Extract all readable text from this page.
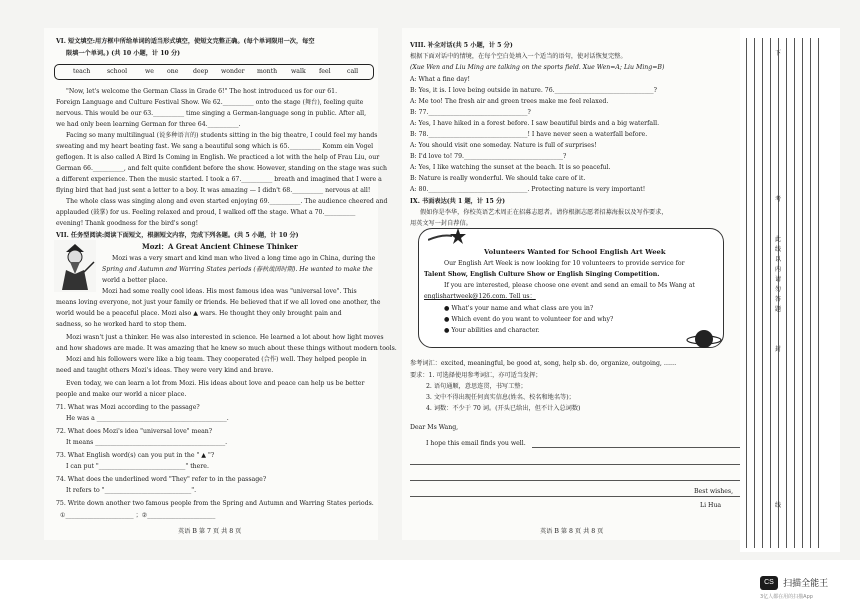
VI. 短文填空:用方框中所给单词的适当形式填空，使短文完整正确。(每个单词限用一次，每空
限填一个单词。) (共 10 小题，计 10 分)
teach	school	we one deep wonder month walk feel	call
"Now, let's welcome the German Class in Grade 6!" The host introduced us for our 61.
Foreign Language and Culture Festival Show. We 62.__________ onto the stage (舞台), feeling quite
nervous. This would be our 63.__________ time singing a German-language song in public. After all,
we had only been learning German for three 64.__________.
Facing so many multilingual (说多种语言的) students sitting in the big theatre, I could feel my hands
sweating and my heart beating fast. We sang a beautiful song which is 65.__________ Komm ein Vogel
geflogen. It is also called A Bird Is Coming in English. We practiced a lot with the help of Frau Liu, our
German 66.__________, and felt quite confident before the show. However, standing on the stage was such
a different experience. Then the music started. I took a 67.__________ breath and imagined that I were a
flying bird that had just sent a letter to a boy. It was amazing — I didn't 68.__________ nervous at all!
The whole class was singing along and even started enjoying 69.__________. The audience cheered and
applauded (鼓掌) for us. Feeling relaxed and proud, I walked off the stage. What a 70.__________
evening! Thank goodness for the bird's song!
VII. 任务型阅读:阅读下面短文，根据短文内容，完成下列各题。(共 5 小题，计 10 分)
Mozi：A Great Ancient Chinese Thinker
Mozi was a very smart and kind man who lived a long time ago in China, during the
Spring and Autumn and Warring States periods (春秋战国时期). He wanted to make the
world a better place.
Mozi had some really cool ideas. His most famous idea was "universal love". This
means loving everyone, not just your family or friends. He believed that if we all loved one another, the
world would be a peaceful place. Mozi also ▲ wars. He thought they only brought pain and
sadness, so he worked hard to stop them.
Mozi wasn't just a thinker. He was also interested in science. He learned a lot about how light moves
and how shadows are made. It was amazing that he knew so much about these things without modern tools.
Mozi and his followers were like a big team. They cooperated (合作) well. They helped people in
need and taught others Mozi's ideas. They were very kind and brave.
Even today, we can learn a lot from Mozi. His ideas about love and peace can help us be better
people and make our world a nicer place.
71. What was Mozi according to the passage?
He was a __________________________________________.
72. What does Mozi's idea "universal love" mean?
It means __________________________________________.
73. What English word(s) can you put in the " ▲ "?
I can put "____________________________" there.
74. What does the underlined word "They" refer to in the passage?
It refers to "____________________________".
75. Write down another two famous people from the Spring and Autumn and Warring States periods.
①______________________ ；②______________________
英语 B 第 7 页 共 8 页
VIII. 补全对话(共 5 小题，计 5 分)
根据下面对话中的情境，在每个空白处填入一个适当的语句，使对话恢复完整。
(Xue Wen and Liu Ming are talking on the sports field. Xue Wen=A; Liu Ming=B)
A: What a fine day!
B: Yes, it is. I love being outside in nature. 76.________________________________?
A: Me too! The fresh air and green trees make me feel relaxed.
B: 77.________________________________?
A: Yes, I have hiked in a forest before. I saw beautiful birds and a big waterfall.
B: 78.________________________________! I have never seen a waterfall before.
A: You should visit one someday. Nature is full of surprises!
B: I'd love to! 79.________________________________?
A: Yes, I like watching the sunset at the beach. It is so peaceful.
B: Nature is really wonderful. We should take care of it.
A: 80.________________________________. Protecting nature is very important!
IX. 书面表达(共 1 题，计 15 分)
假如你是李华，你校英语艺术周正在招募志愿者。请你根据志愿者招募海报以及写作要求，
用英文写一封自荐信。
Volunteers Wanted for School English Art Week
Our English Art Week is now looking for 10 volunteers to provide service for
Talent Show, English Culture Show or English Singing Competition.
If you are interested, please choose one event and send an email to Ms Wang at
englishartweek@126.com. Tell us：
● What's your name and what class are you in?
● Which event do you want to volunteer for and why?
● Your abilities and character.
参考词汇：excited, meaningful, be good at, song, help sb. do, organize, outgoing, ……
要求：1. 可选择使用参考词汇，亦可适当发挥；
2. 语句通顺，意思连贯，书写工整；
3. 文中不得出现任何真实信息(姓名、校名和地名等)；
4. 词数：不少于 70 词。(开头已给出，但不计入总词数)
Dear Ms Wang,
I hope this email finds you well.
Best wishes,
Li Hua
英语 B 第 8 页 共 8 页
下
考
此
线
以
内
请
勿
答
题
封
线
CS 扫描全能王
3亿人都在用的扫描App
